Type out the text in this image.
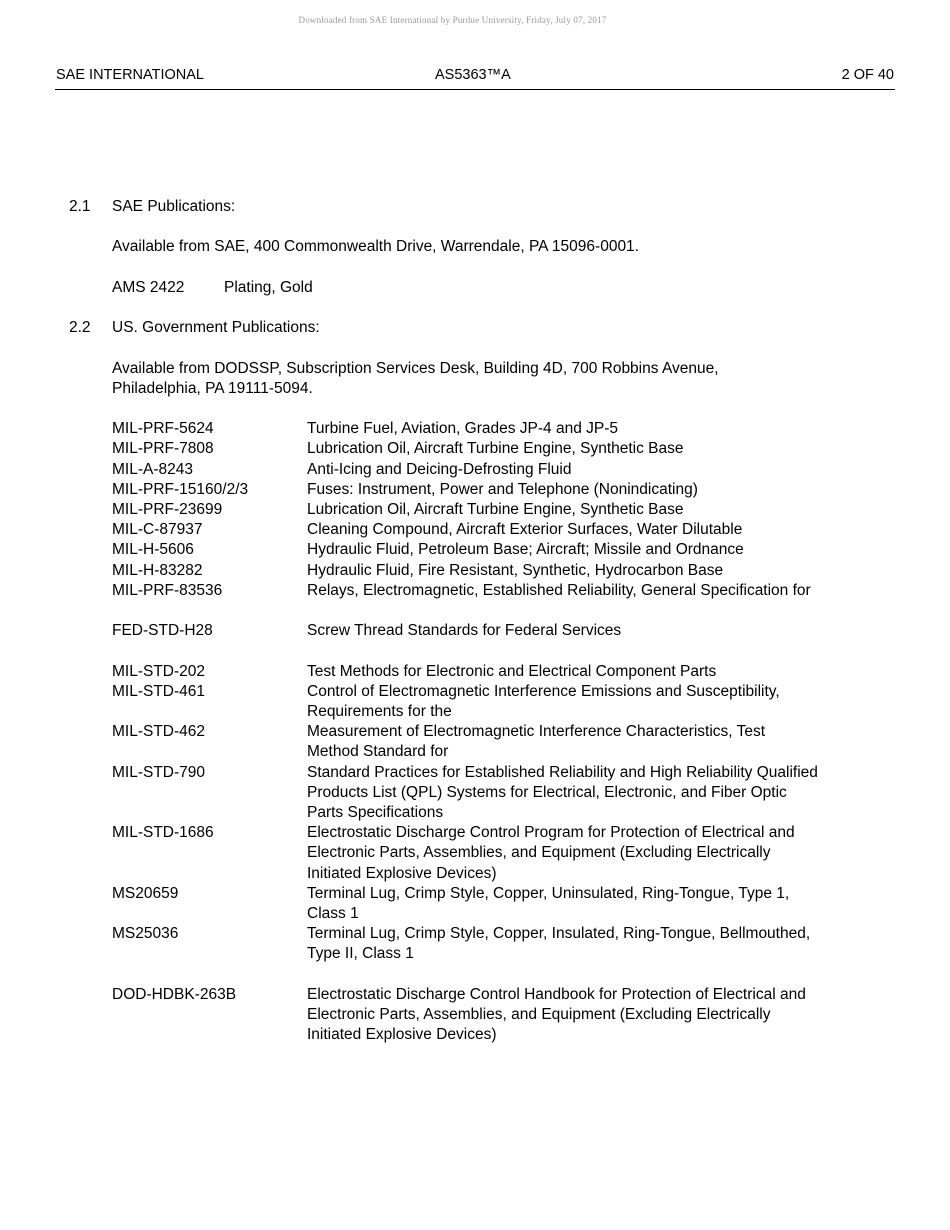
Downloaded from SAE International by Purdue University, Friday, July 07, 2017
SAE INTERNATIONAL	AS5363™A	2 OF 40
2.1	SAE Publications:
Available from SAE, 400 Commonwealth Drive, Warrendale, PA 15096-0001.
AMS 2422	Plating, Gold
2.2	US. Government Publications:
Available from DODSSP, Subscription Services Desk, Building 4D, 700 Robbins Avenue,
Philadelphia, PA 19111-5094.
MIL-PRF-5624	Turbine Fuel, Aviation, Grades JP-4 and JP-5
MIL-PRF-7808	Lubrication Oil, Aircraft Turbine Engine, Synthetic Base
MIL-A-8243	Anti-Icing and Deicing-Defrosting Fluid
MIL-PRF-15160/2/3	Fuses: Instrument, Power and Telephone (Nonindicating)
MIL-PRF-23699	Lubrication Oil, Aircraft Turbine Engine, Synthetic Base
MIL-C-87937	Cleaning Compound, Aircraft Exterior Surfaces, Water Dilutable
MIL-H-5606	Hydraulic Fluid, Petroleum Base; Aircraft; Missile and Ordnance
MIL-H-83282	Hydraulic Fluid, Fire Resistant, Synthetic, Hydrocarbon Base
MIL-PRF-83536	Relays, Electromagnetic, Established Reliability, General Specification for
FED-STD-H28	Screw Thread Standards for Federal Services
MIL-STD-202	Test Methods for Electronic and Electrical Component Parts
MIL-STD-461	Control of Electromagnetic Interference Emissions and Susceptibility,
Requirements for the
MIL-STD-462	Measurement of Electromagnetic Interference Characteristics, Test
Method Standard for
MIL-STD-790	Standard Practices for Established Reliability and High Reliability Qualified
Products List (QPL) Systems for Electrical, Electronic, and Fiber Optic
Parts Specifications
MIL-STD-1686	Electrostatic Discharge Control Program for Protection of Electrical and
Electronic Parts, Assemblies, and Equipment (Excluding Electrically
Initiated Explosive Devices)
MS20659	Terminal Lug, Crimp Style, Copper, Uninsulated, Ring-Tongue, Type 1,
Class 1
MS25036	Terminal Lug, Crimp Style, Copper, Insulated, Ring-Tongue, Bellmouthed,
Type II, Class 1
DOD-HDBK-263B	Electrostatic Discharge Control Handbook for Protection of Electrical and
Electronic Parts, Assemblies, and Equipment (Excluding Electrically
Initiated Explosive Devices)
